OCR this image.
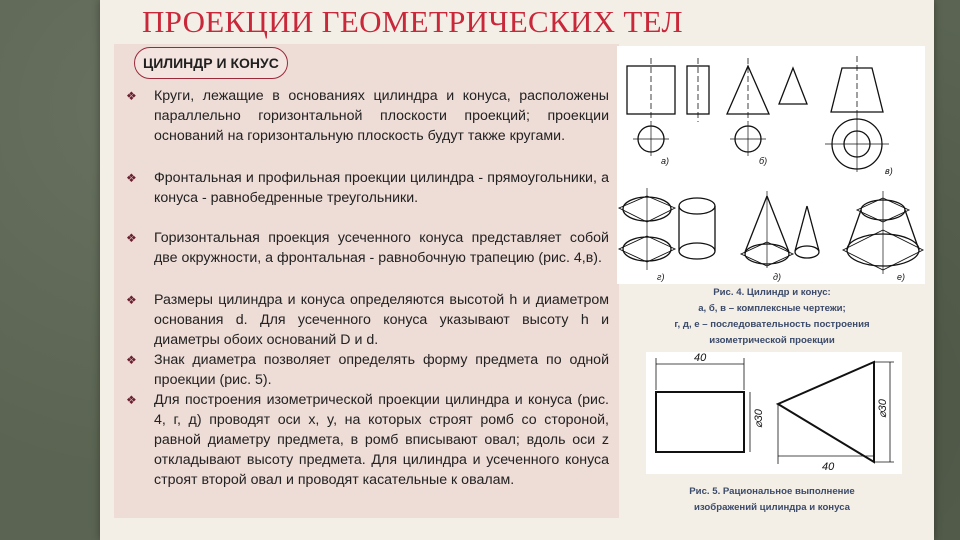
ПРОЕКЦИИ ГЕОМЕТРИЧЕСКИХ ТЕЛ
ЦИЛИНДР И КОНУС
❖ Круги, лежащие в основаниях цилиндра и конуса, расположены параллельно горизонтальной плоскости проекций; проекции оснований на горизонтальную плоскость будут также кругами.
❖ Фронтальная и профильная проекции цилиндра - прямоугольники, а конуса - равнобедренные треугольники.
❖ Горизонтальная проекция усеченного конуса представляет собой две окружности, а фронтальная - равнобочную трапецию (рис. 4,в).
❖ Размеры цилиндра и конуса определяются высотой h и диаметром основания d. Для усеченного конуса указывают высоту h и диаметры обоих оснований D и d.
❖ Знак диаметра позволяет определять форму предмета по одной проекции (рис. 5).
❖ Для построения изометрической проекции цилиндра и конуса (рис. 4, г, д) проводят оси x, y, на которых строят ромб со стороной, равной диаметру предмета, в ромб вписывают овал; вдоль оси z откладывают высоту предмета. Для цилиндра и усеченного конуса строят второй овал и проводят касательные к овалам.
а)	б)
в)
г)	д)	е)
Рис. 4. Цилиндр и конус:
а, б, в – комплексные чертежи;
г, д, е – последовательность построения
изометрической проекции
40
40
⌀30
⌀30
Рис. 5. Рациональное выполнение
изображений цилиндра и конуса
